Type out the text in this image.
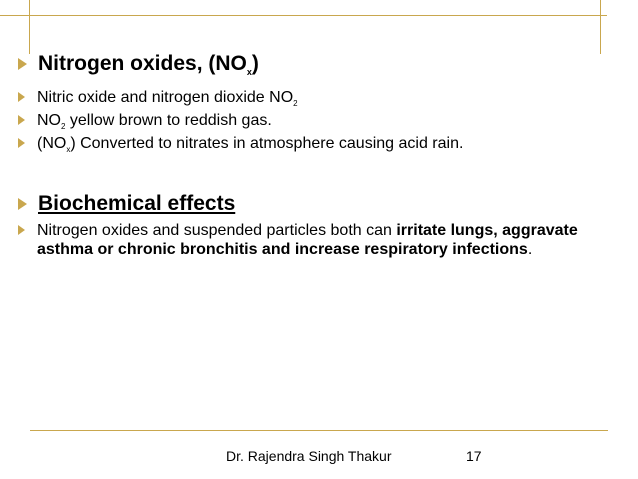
Nitrogen oxides, $(NO_x)$
Nitric oxide and nitrogen dioxide $NO_2$
$NO_2$ yellow brown to reddish gas.
$(NO_x)$ Converted to nitrates in atmosphere causing acid rain.
Biochemical effects
Nitrogen oxides and suspended particles both can irritate lungs, aggravate asthma or chronic bronchitis and increase respiratory infections.
Dr. Rajendra Singh Thakur	17
